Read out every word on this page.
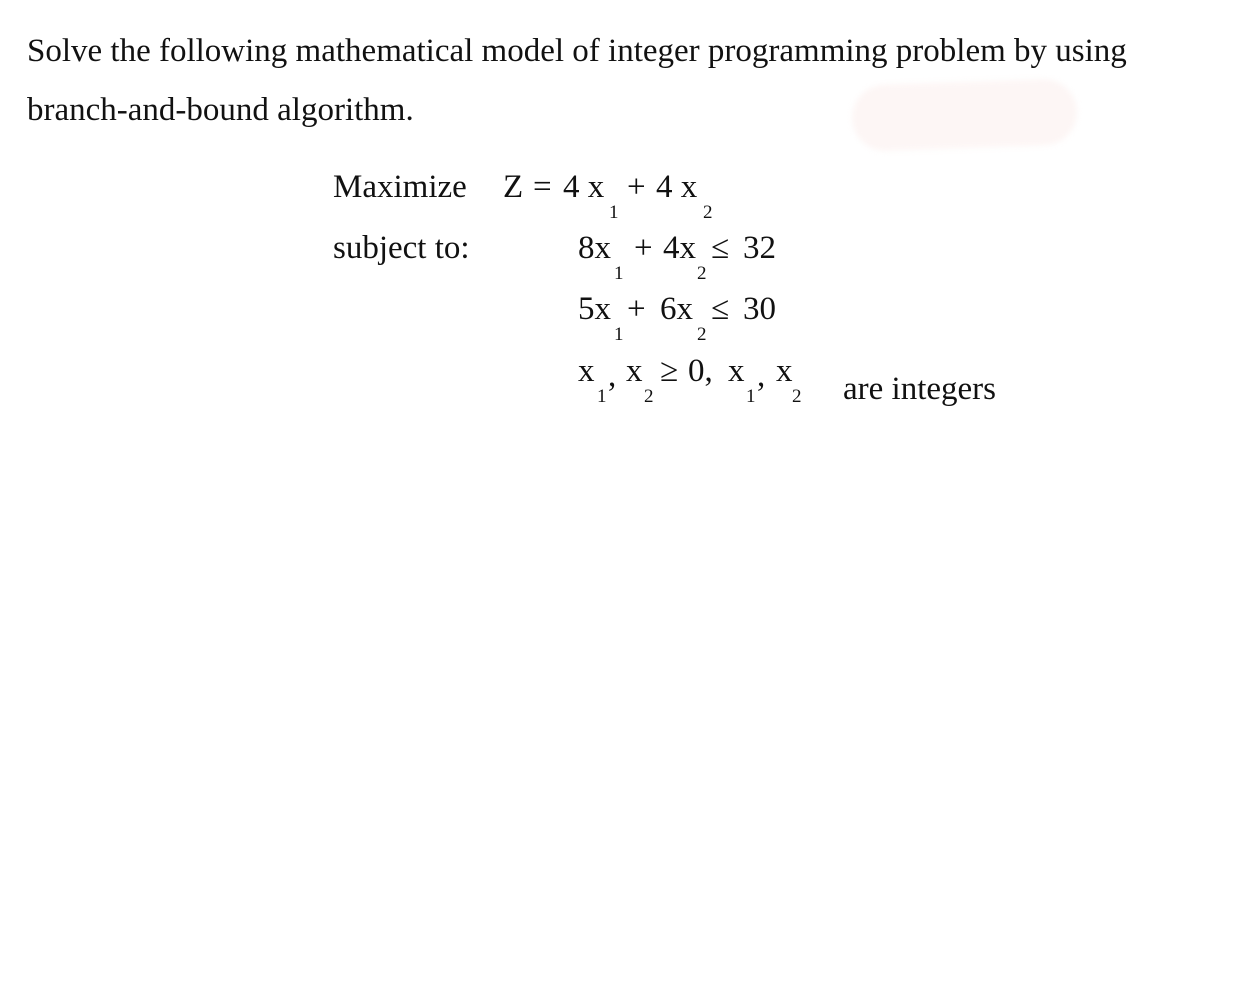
Solve the following mathematical model of integer programming problem by using
branch-and-bound algorithm.

Maximize Z = 4 x
1
+ 4 x
2
subject to:	8x
1
+ 4x
2
≤ 32
5x
1
+ 6x
2
≤ 30
x
1
, x
2
≥ 0, x
1
, x
2 are integers
